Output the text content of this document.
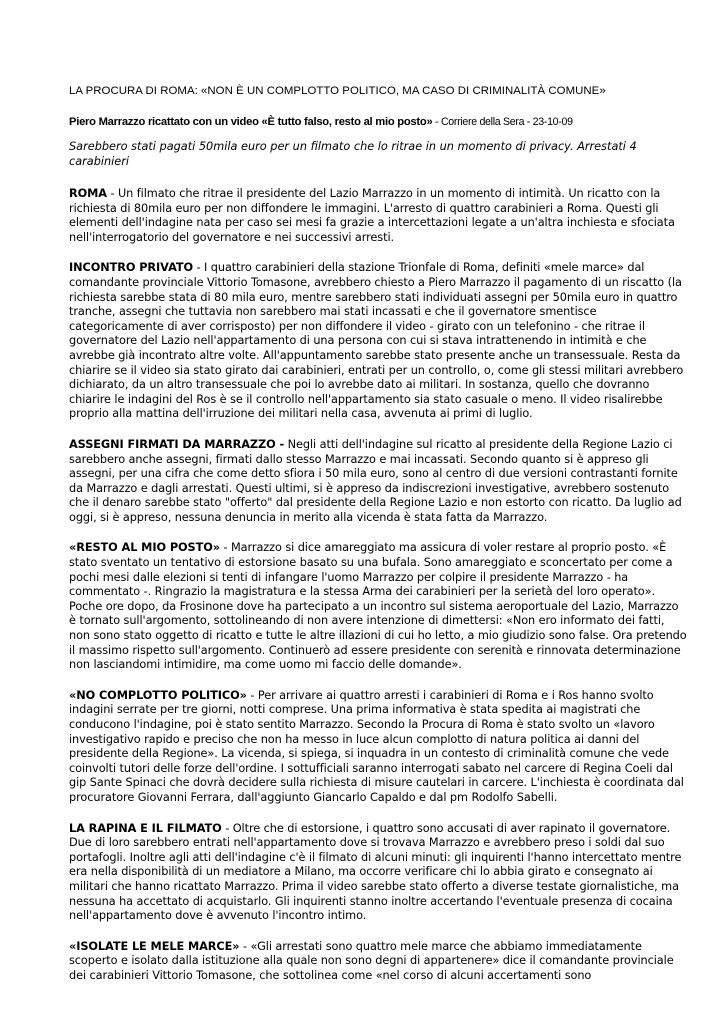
LA PROCURA DI ROMA: «NON È UN COMPLOTTO POLITICO, MA CASO DI CRIMINALITÀ COMUNE»
Piero Marrazzo ricattato con un video «È tutto falso, resto al mio posto» - Corriere della Sera - 23-10-09
Sarebbero stati pagati 50mila euro per un filmato che lo ritrae in un momento di privacy. Arrestati 4 carabinieri

ROMA - Un filmato che ritrae il presidente del Lazio Marrazzo in un momento di intimità. Un ricatto con la richiesta di 80mila euro per non diffondere le immagini. L'arresto di quattro carabinieri a Roma. Questi gli elementi dell'indagine nata per caso sei mesi fa grazie a intercettazioni legate a un'altra inchiesta e sfociata nell'interrogatorio del governatore e nei successivi arresti.

INCONTRO PRIVATO - I quattro carabinieri della stazione Trionfale di Roma, definiti «mele marce» dal comandante provinciale Vittorio Tomasone, avrebbero chiesto a Piero Marrazzo il pagamento di un riscatto (la richiesta sarebbe stata di 80 mila euro, mentre sarebbero stati individuati assegni per 50mila euro in quattro tranche, assegni che tuttavia non sarebbero mai stati incassati e che il governatore smentisce categoricamente di aver corrisposto) per non diffondere il video - girato con un telefonino - che ritrae il governatore del Lazio nell'appartamento di una persona con cui si stava intrattenendo in intimità e che avrebbe già incontrato altre volte. All'appuntamento sarebbe stato presente anche un transessuale. Resta da chiarire se il video sia stato girato dai carabinieri, entrati per un controllo, o, come gli stessi militari avrebbero dichiarato, da un altro transessuale che poi lo avrebbe dato ai militari. In sostanza, quello che dovranno chiarire le indagini del Ros è se il controllo nell'appartamento sia stato casuale o meno. Il video risalirebbe proprio alla mattina dell'irruzione dei militari nella casa, avvenuta ai primi di luglio.

ASSEGNI FIRMATI DA MARRAZZO - Negli atti dell'indagine sul ricatto al presidente della Regione Lazio ci sarebbero anche assegni, firmati dallo stesso Marrazzo e mai incassati. Secondo quanto si è appreso gli assegni, per una cifra che come detto sfiora i 50 mila euro, sono al centro di due versioni contrastanti fornite da Marrazzo e dagli arrestati. Questi ultimi, si è appreso da indiscrezioni investigative, avrebbero sostenuto che il denaro sarebbe stato "offerto" dal presidente della Regione Lazio e non estorto con ricatto. Da luglio ad oggi, si è appreso, nessuna denuncia in merito alla vicenda è stata fatta da Marrazzo.

«RESTO AL MIO POSTO» - Marrazzo si dice amareggiato ma assicura di voler restare al proprio posto. «È stato sventato un tentativo di estorsione basato su una bufala. Sono amareggiato e sconcertato per come a pochi mesi dalle elezioni si tenti di infangare l'uomo Marrazzo per colpire il presidente Marrazzo - ha commentato -. Ringrazio la magistratura e la stessa Arma dei carabinieri per la serietà del loro operato». Poche ore dopo, da Frosinone dove ha partecipato a un incontro sul sistema aeroportuale del Lazio, Marrazzo è tornato sull'argomento, sottolineando di non avere intenzione di dimettersi: «Non ero informato dei fatti, non sono stato oggetto di ricatto e tutte le altre illazioni di cui ho letto, a mio giudizio sono false. Ora pretendo il massimo rispetto sull'argomento. Continuerò ad essere presidente con serenità e rinnovata determinazione non lasciandomi intimidire, ma come uomo mi faccio delle domande».

«NO COMPLOTTO POLITICO» - Per arrivare ai quattro arresti i carabinieri di Roma e i Ros hanno svolto indagini serrate per tre giorni, notti comprese. Una prima informativa è stata spedita ai magistrati che conducono l'indagine, poi è stato sentito Marrazzo. Secondo la Procura di Roma è stato svolto un «lavoro investigativo rapido e preciso che non ha messo in luce alcun complotto di natura politica ai danni del presidente della Regione». La vicenda, si spiega, si inquadra in un contesto di criminalità comune che vede coinvolti tutori delle forze dell'ordine. I sottufficiali saranno interrogati sabato nel carcere di Regina Coeli dal gip Sante Spinaci che dovrà decidere sulla richiesta di misure cautelari in carcere. L'inchiesta è coordinata dal procuratore Giovanni Ferrara, dall'aggiunto Giancarlo Capaldo e dal pm Rodolfo Sabelli.

LA RAPINA E IL FILMATO - Oltre che di estorsione, i quattro sono accusati di aver rapinato il governatore. Due di loro sarebbero entrati nell'appartamento dove si trovava Marrazzo e avrebbero preso i soldi dal suo portafogli. Inoltre agli atti dell'indagine c'è il filmato di alcuni minuti: gli inquirenti l'hanno intercettato mentre era nella disponibilità di un mediatore a Milano, ma occorre verificare chi lo abbia girato e consegnato ai militari che hanno ricattato Marrazzo. Prima il video sarebbe stato offerto a diverse testate giornalistiche, ma nessuna ha accettato di acquistarlo. Gli inquirenti stanno inoltre accertando l'eventuale presenza di cocaina nell'appartamento dove è avvenuto l'incontro intimo.

«ISOLATE LE MELE MARCE» - «Gli arrestati sono quattro mele marce che abbiamo immediatamente scoperto e isolato dalla istituzione alla quale non sono degni di appartenere» dice il comandante provinciale dei carabinieri Vittorio Tomasone, che sottolinea come «nel corso di alcuni accertamenti sono
